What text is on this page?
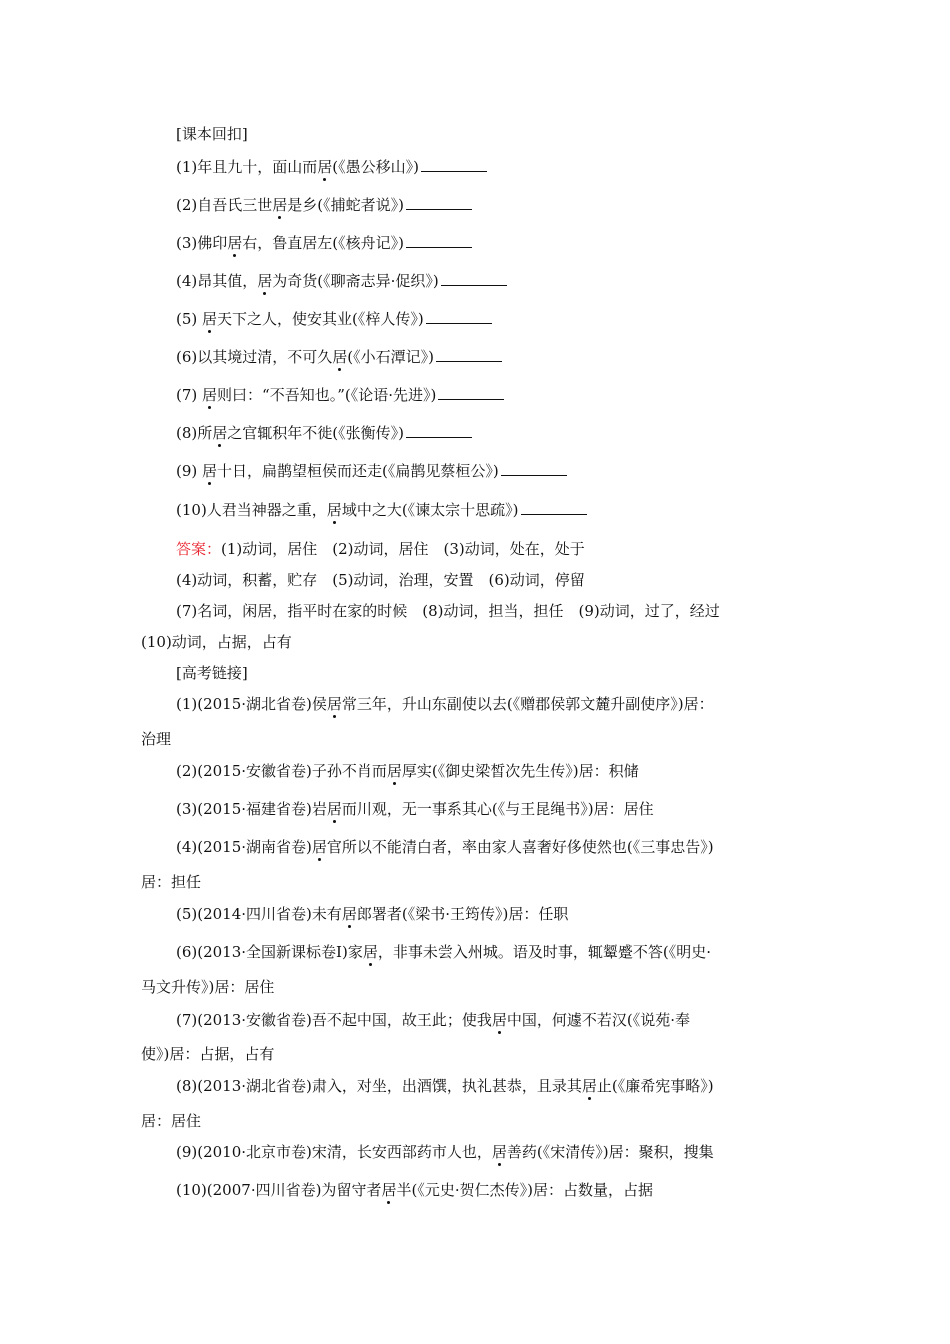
[课本回扣]
(1)年且九十，面山而居(《愚公移山》)
(2)自吾氏三世居是乡(《捕蛇者说》)
(3)佛印居右，鲁直居左(《核舟记》)
(4)昂其值，居为奇货(《聊斋志异·促织》)
(5) 居天下之人，使安其业(《梓人传》)
(6)以其境过清，不可久居(《小石潭记》)
(7) 居则曰：“不吾知也。”(《论语·先进》)
(8)所居之官辄积年不徙(《张衡传》)
(9) 居十日，扁鹊望桓侯而还走(《扁鹊见蔡桓公》)
(10)人君当神器之重，居域中之大(《谏太宗十思疏》)
答案：(1)动词，居住　(2)动词，居住　(3)动词，处在，处于
(4)动词，积蓄，贮存　(5)动词，治理，安置　(6)动词，停留
(7)名词，闲居，指平时在家的时候　(8)动词，担当，担任　(9)动词，过了，经过
(10)动词，占据，占有
[高考链接]
(1)(2015·湖北省卷)侯居常三年，升山东副使以去(《赠郡侯郭文麓升副使序》)居：
治理
(2)(2015·安徽省卷)子孙不肖而居厚实(《御史梁皙次先生传》)居：积储
(3)(2015·福建省卷)岩居而川观，无一事系其心(《与王昆绳书》)居：居住
(4)(2015·湖南省卷)居官所以不能清白者，率由家人喜奢好侈使然也(《三事忠告》)
居：担任
(5)(2014·四川省卷)未有居郎署者(《梁书·王筠传》)居：任职
(6)(2013·全国新课标卷Ⅰ)家居，非事未尝入州城。语及时事，辄颦蹙不答(《明史·
马文升传》)居：居住
(7)(2013·安徽省卷)吾不起中国，故王此；使我居中国，何遽不若汉(《说苑·奉
使》)居：占据，占有
(8)(2013·湖北省卷)肃入，对坐，出酒馔，执礼甚恭，且录其居止(《廉希宪事略》)
居：居住
(9)(2010·北京市卷)宋清，长安西部药市人也，居善药(《宋清传》)居：聚积，搜集
(10)(2007·四川省卷)为留守者居半(《元史·贺仁杰传》)居：占数量，占据
